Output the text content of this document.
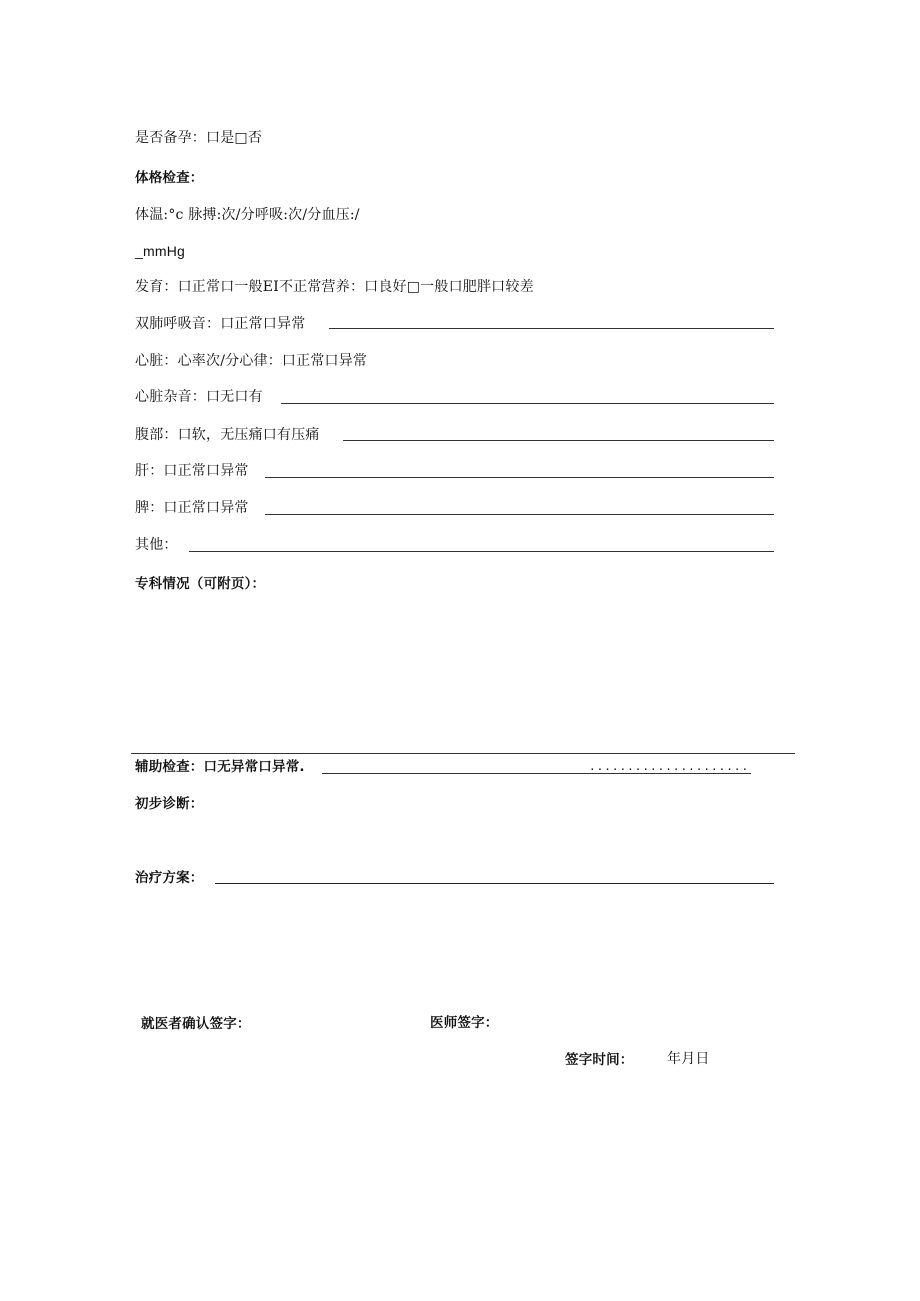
是否备孕：口是□否
体格检查：
体温:°c 脉搏:次/分呼吸:次/分血压:/
_mmHg
发育：口正常口一般EI不正常营养：口良好□一般口肥胖口较差
双肺呼吸音：口正常口异常
心脏：心率次/分心律：口正常口异常
心脏杂音：口无口有
腹部：口软，无压痛口有压痛
肝：口正常口异常
脾：口正常口异常
其他：
专科情况（可附页）：
辅助检查：口无异常口异常.	.....................
初步诊断：
治疗方案：
就医者确认签字：	医师签字：
签字时间： 年月日
